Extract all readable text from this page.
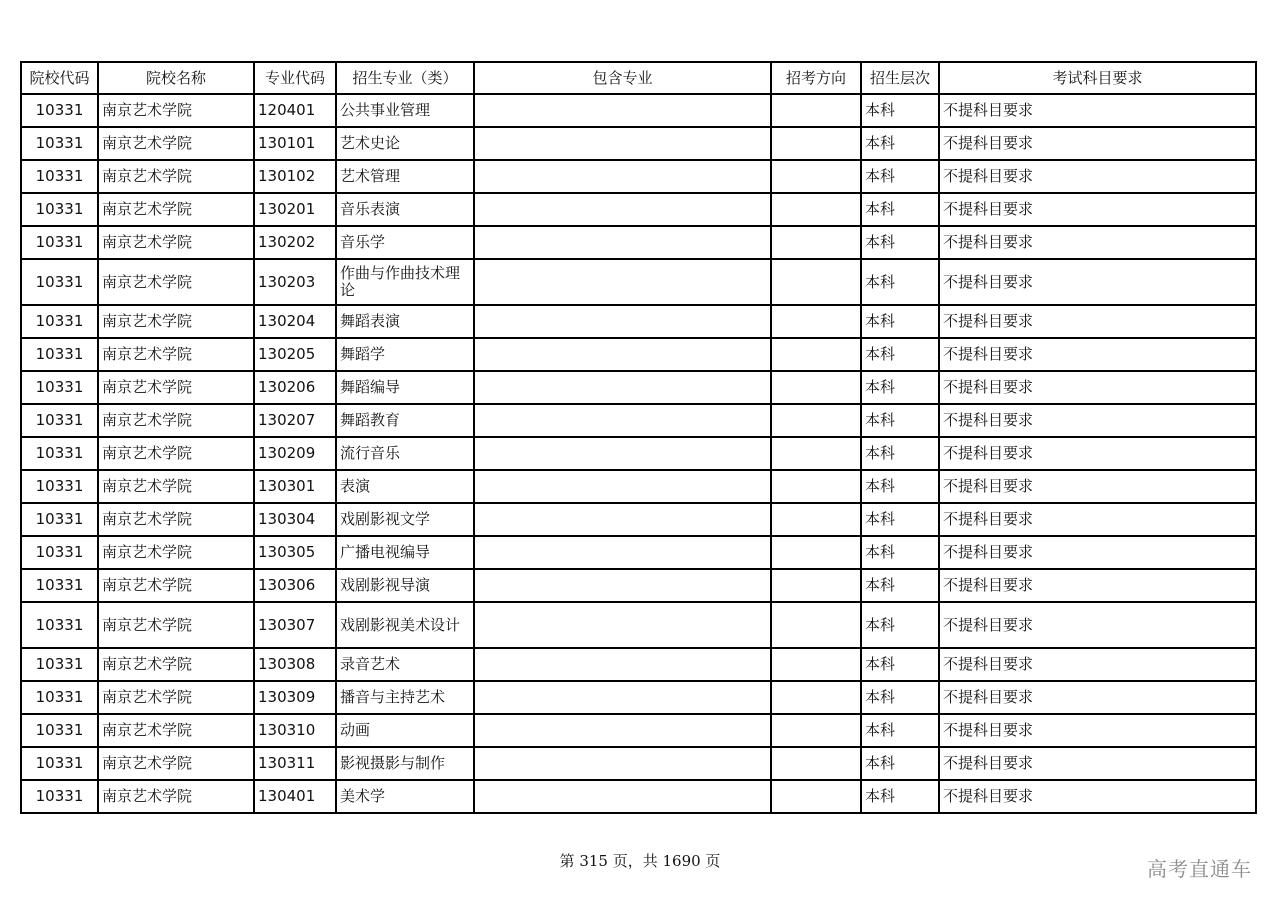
院校代码	院校名称	专业代码	招生专业（类）	包含专业	招考方向	招生层次	考试科目要求
10331	南京艺术学院	120401	公共事业管理			本科	不提科目要求
10331	南京艺术学院	130101	艺术史论			本科	不提科目要求
10331	南京艺术学院	130102	艺术管理			本科	不提科目要求
10331	南京艺术学院	130201	音乐表演			本科	不提科目要求
10331	南京艺术学院	130202	音乐学			本科	不提科目要求
10331	南京艺术学院	130203	作曲与作曲技术理论			本科	不提科目要求
10331	南京艺术学院	130204	舞蹈表演			本科	不提科目要求
10331	南京艺术学院	130205	舞蹈学			本科	不提科目要求
10331	南京艺术学院	130206	舞蹈编导			本科	不提科目要求
10331	南京艺术学院	130207	舞蹈教育			本科	不提科目要求
10331	南京艺术学院	130209	流行音乐			本科	不提科目要求
10331	南京艺术学院	130301	表演			本科	不提科目要求
10331	南京艺术学院	130304	戏剧影视文学			本科	不提科目要求
10331	南京艺术学院	130305	广播电视编导			本科	不提科目要求
10331	南京艺术学院	130306	戏剧影视导演			本科	不提科目要求
10331	南京艺术学院	130307	戏剧影视美术设计			本科	不提科目要求
10331	南京艺术学院	130308	录音艺术			本科	不提科目要求
10331	南京艺术学院	130309	播音与主持艺术			本科	不提科目要求
10331	南京艺术学院	130310	动画			本科	不提科目要求
10331	南京艺术学院	130311	影视摄影与制作			本科	不提科目要求
10331	南京艺术学院	130401	美术学			本科	不提科目要求
第 315 页，共 1690 页	高考直通车
